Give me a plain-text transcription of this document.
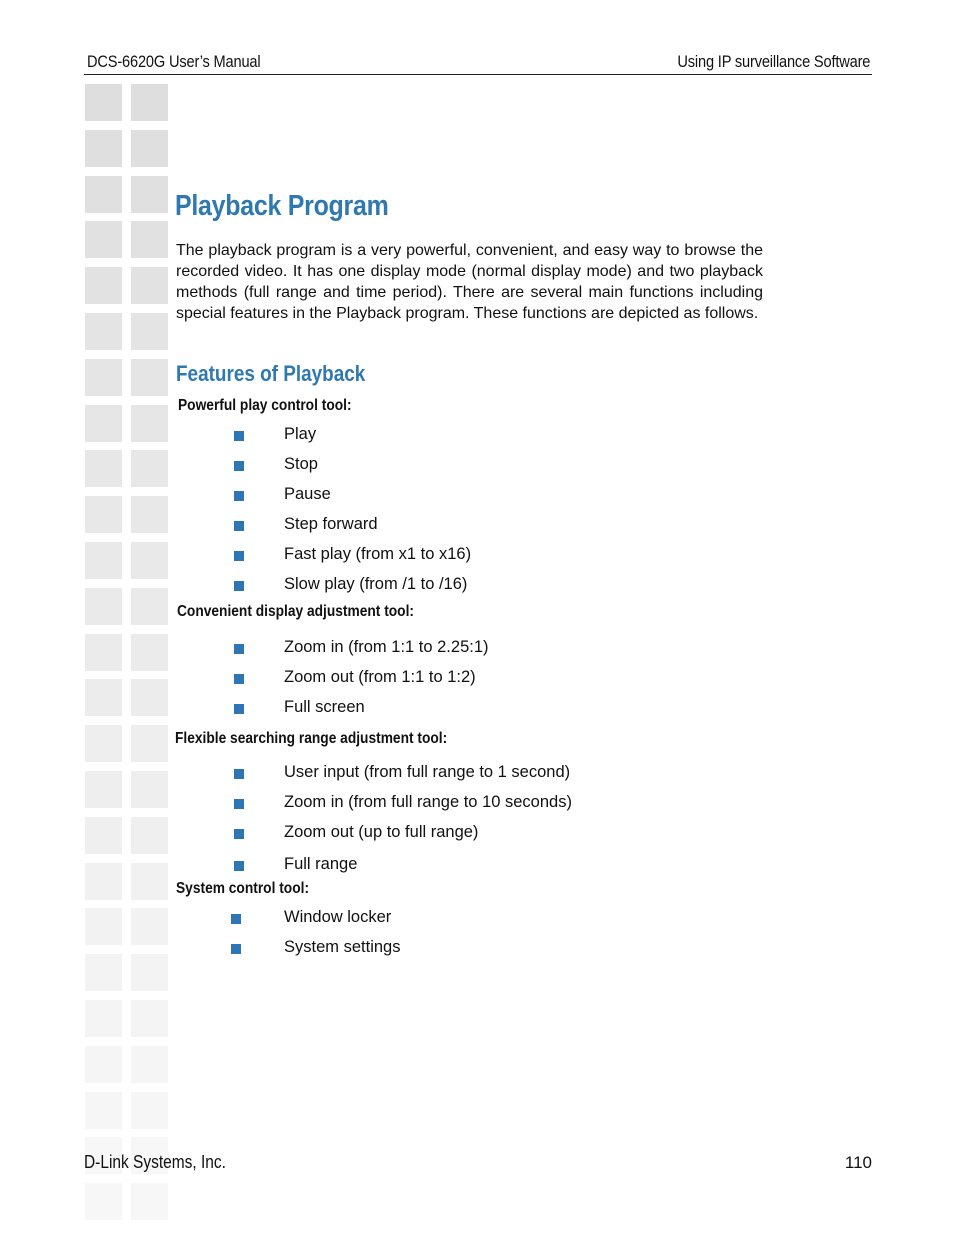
DCS-6620G User’s Manual	Using IP surveillance Software
Playback Program

The playback program is a very powerful, convenient, and easy way to browse the recorded video. It has one display mode (normal display mode) and two playback methods (full range and time period). There are several main functions including special features in the Playback program. These functions are depicted as follows.

Features of Playback
Powerful play control tool:
Play
Stop
Pause
Step forward
Fast play (from x1 to x16)
Slow play (from /1 to /16)
Convenient display adjustment tool:
Zoom in (from 1:1 to 2.25:1)
Zoom out (from 1:1 to 1:2)
Full screen
Flexible searching range adjustment tool:
User input (from full range to 1 second)
Zoom in (from full range to 10 seconds)
Zoom out (up to full range)
Full range
System control tool:
Window locker
System settings
D-Link Systems, Inc.	110
